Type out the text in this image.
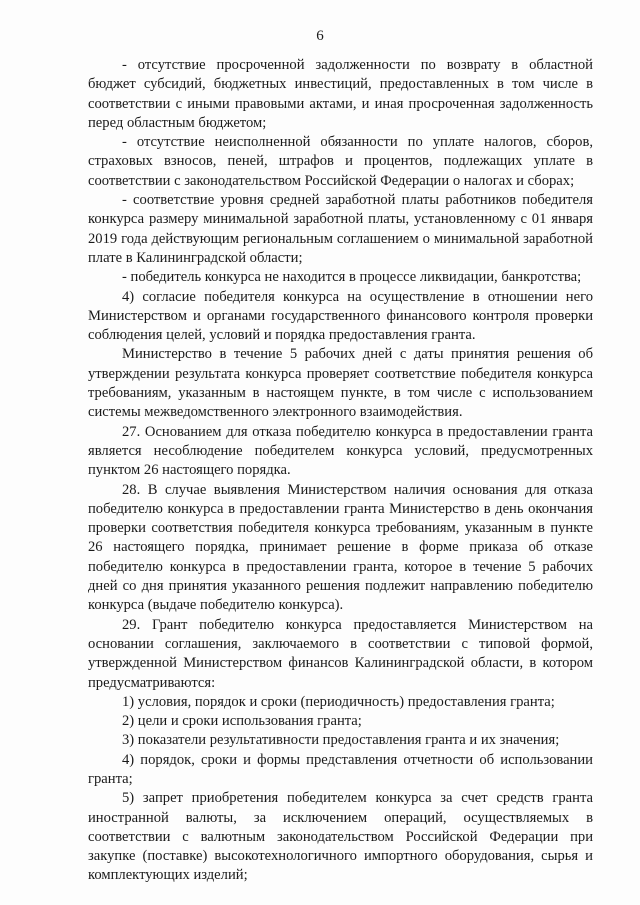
6

- отсутствие просроченной задолженности по возврату в областной бюджет субсидий, бюджетных инвестиций, предоставленных в том числе в соответствии с иными правовыми актами, и иная просроченная задолженность перед областным бюджетом;

- отсутствие неисполненной обязанности по уплате налогов, сборов, страховых взносов, пеней, штрафов и процентов, подлежащих уплате в соответствии с законодательством Российской Федерации о налогах и сборах;

- соответствие уровня средней заработной платы работников победителя конкурса размеру минимальной заработной платы, установленному с 01 января 2019 года действующим региональным соглашением о минимальной заработной плате в Калининградской области;

- победитель конкурса не находится в процессе ликвидации, банкротства;

4) согласие победителя конкурса на осуществление в отношении него Министерством и органами государственного финансового контроля проверки соблюдения целей, условий и порядка предоставления гранта.

Министерство в течение 5 рабочих дней с даты принятия решения об утверждении результата конкурса проверяет соответствие победителя конкурса требованиям, указанным в настоящем пункте, в том числе с использованием системы межведомственного электронного взаимодействия.

27. Основанием для отказа победителю конкурса в предоставлении гранта является несоблюдение победителем конкурса условий, предусмотренных пунктом 26 настоящего порядка.

28. В случае выявления Министерством наличия основания для отказа победителю конкурса в предоставлении гранта Министерство в день окончания проверки соответствия победителя конкурса требованиям, указанным в пункте 26 настоящего порядка, принимает решение в форме приказа об отказе победителю конкурса в предоставлении гранта, которое в течение 5 рабочих дней со дня принятия указанного решения подлежит направлению победителю конкурса (выдаче победителю конкурса).

29. Грант победителю конкурса предоставляется Министерством на основании соглашения, заключаемого в соответствии с типовой формой, утвержденной Министерством финансов Калининградской области, в котором предусматриваются:

1) условия, порядок и сроки (периодичность) предоставления гранта;

2) цели и сроки использования гранта;

3) показатели результативности предоставления гранта и их значения;

4) порядок, сроки и формы представления отчетности об использовании гранта;

5) запрет приобретения победителем конкурса за счет средств гранта иностранной валюты, за исключением операций, осуществляемых в соответствии с валютным законодательством Российской Федерации при закупке (поставке) высокотехнологичного импортного оборудования, сырья и комплектующих изделий;
